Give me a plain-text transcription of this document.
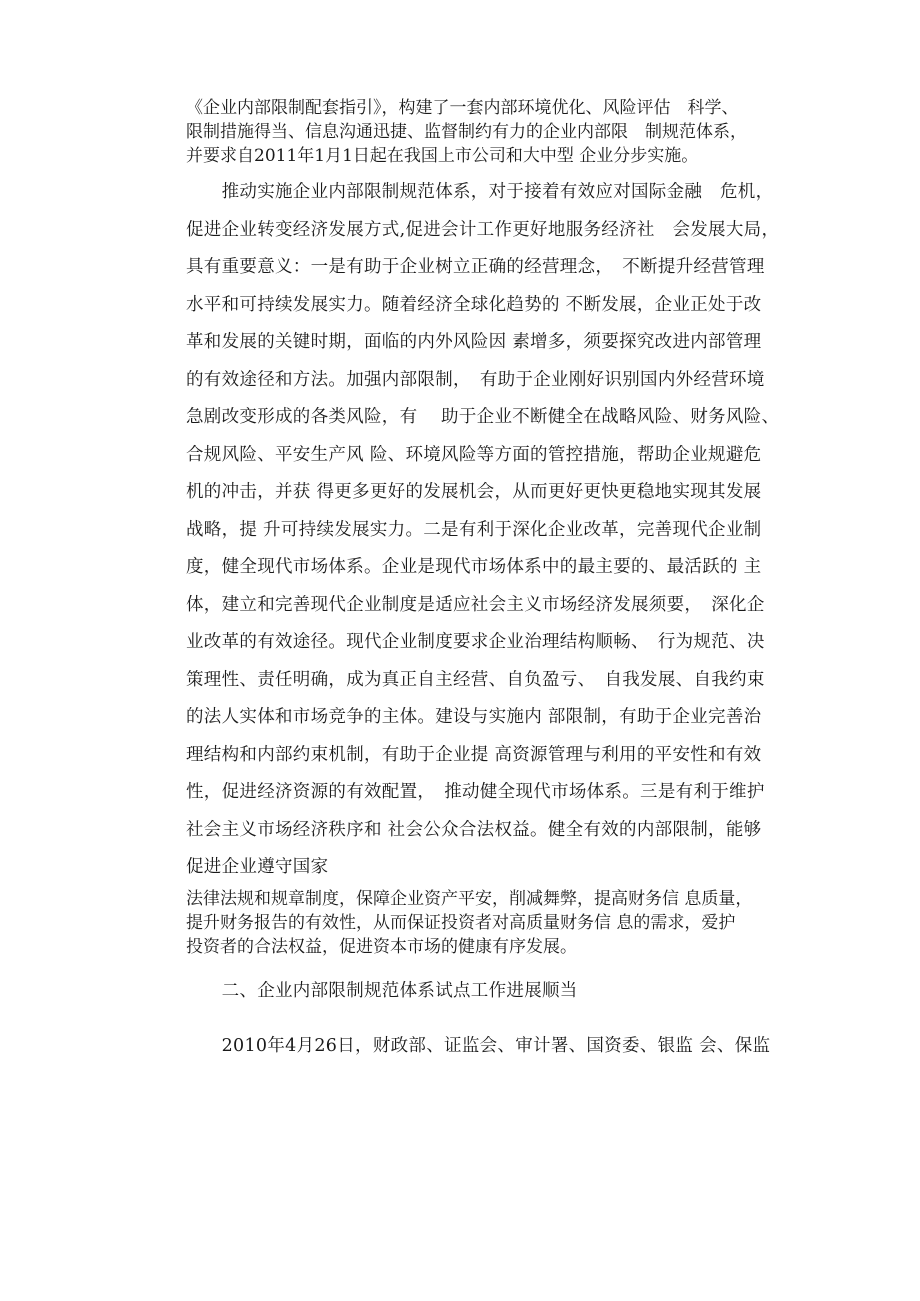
《企业内部限制配套指引》，构建了一套内部环境优化、风险评估　科学、
限制措施得当、信息沟通迅捷、监督制约有力的企业内部限　制规范体系，
并要求自2011年1月1日起在我国上市公司和大中型 企业分步实施。

　　推动实施企业内部限制规范体系，对于接着有效应对国际金融　危机，
促进企业转变经济发展方式,促进会计工作更好地服务经济社　会发展大局，
具有重要意义：一是有助于企业树立正确的经营理念，　不断提升经营管理
水平和可持续发展实力。随着经济全球化趋势的 不断发展，企业正处于改
革和发展的关键时期，面临的内外风险因 素增多，须要探究改进内部管理
的有效途径和方法。加强内部限制，　有助于企业刚好识别国内外经营环境
急剧改变形成的各类风险，有　 助于企业不断健全在战略风险、财务风险、
合规风险、平安生产风 险、环境风险等方面的管控措施，帮助企业规避危
机的冲击，并获 得更多更好的发展机会，从而更好更快更稳地实现其发展
战略，提 升可持续发展实力。二是有利于深化企业改革，完善现代企业制
度，健全现代市场体系。企业是现代市场体系中的最主要的、最活跃的 主
体，建立和完善现代企业制度是适应社会主义市场经济发展须要，　深化企
业改革的有效途径。现代企业制度要求企业治理结构顺畅、　行为规范、决
策理性、责任明确，成为真正自主经营、自负盈亏、　自我发展、自我约束
的法人实体和市场竞争的主体。建设与实施内 部限制，有助于企业完善治
理结构和内部约束机制，有助于企业提 高资源管理与利用的平安性和有效
性，促进经济资源的有效配置，　推动健全现代市场体系。三是有利于维护
社会主义市场经济秩序和 社会公众合法权益。健全有效的内部限制，能够
促进企业遵守国家

法律法规和规章制度，保障企业资产平安，削减舞弊，提高财务信 息质量，
提升财务报告的有效性，从而保证投资者对高质量财务信 息的需求，爱护
投资者的合法权益，促进资本市场的健康有序发展。

　　二、企业内部限制规范体系试点工作进展顺当

　　2010年4月26日，财政部、证监会、审计署、国资委、银监 会、保监
